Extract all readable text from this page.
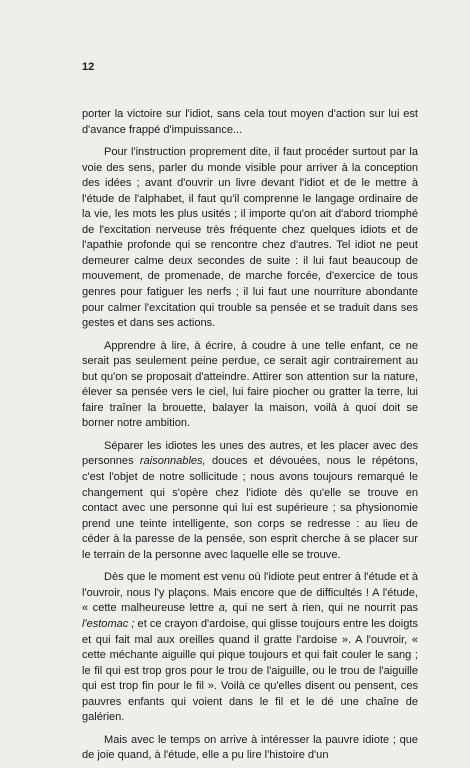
12

porter la victoire sur l'idiot, sans cela tout moyen d'action sur lui est d'avance frappé d'impuissance...

Pour l'instruction proprement dite, il faut procéder surtout par la voie des sens, parler du monde visible pour arriver à la conception des idées ; avant d'ouvrir un livre devant l'idiot et de le mettre à l'étude de l'alphabet, il faut qu'il comprenne le langage ordinaire de la vie, les mots les plus usités ; il importe qu'on ait d'abord triomphé de l'excitation nerveuse très fréquente chez quelques idiots et de l'apathie profonde qui se rencontre chez d'autres. Tel idiot ne peut demeurer calme deux secondes de suite : il lui faut beaucoup de mouvement, de promenade, de marche forcée, d'exercice de tous genres pour fatiguer les nerfs ; il lui faut une nourriture abondante pour calmer l'excitation qui trouble sa pensée et se traduit dans ses gestes et dans ses actions.

Apprendre à lire, à écrire, à coudre à une telle enfant, ce ne serait pas seulement peine perdue, ce serait agir contrairement au but qu'on se proposait d'atteindre. Attirer son attention sur la nature, élever sa pensée vers le ciel, lui faire piocher ou gratter la terre, lui faire traîner la brouette, balayer la maison, voilà à quoi doit se borner notre ambition.

Séparer les idiotes les unes des autres, et les placer avec des personnes raisonnables, douces et dévouées, nous le répétons, c'est l'objet de notre sollicitude ; nous avons toujours remarqué le changement qui s'opère chez l'idiote dès qu'elle se trouve en contact avec une personne qui lui est supérieure ; sa physionomie prend une teinte intelligente, son corps se redresse : au lieu de céder à la paresse de la pensée, son esprit cherche à se placer sur le terrain de la personne avec laquelle elle se trouve.

Dès que le moment est venu où l'idiote peut entrer à l'étude et à l'ouvroir, nous l'y plaçons. Mais encore que de difficultés ! A l'étude, « cette malheureuse lettre a, qui ne sert à rien, qui ne nourrit pas l'estomac ; et ce crayon d'ardoise, qui glisse toujours entre les doigts et qui fait mal aux oreilles quand il gratte l'ardoise ». A l'ouvroir, « cette méchante aiguille qui pique toujours et qui fait couler le sang ; le fil qui est trop gros pour le trou de l'aiguille, ou le trou de l'aiguille qui est trop fin pour le fil ». Voilà ce qu'elles disent ou pensent, ces pauvres enfants qui voient dans le fil et le dé une chaîne de galérien.

Mais avec le temps on arrive à intéresser la pauvre idiote ; que de joie quand, à l'étude, elle a pu lire l'histoire d'un
